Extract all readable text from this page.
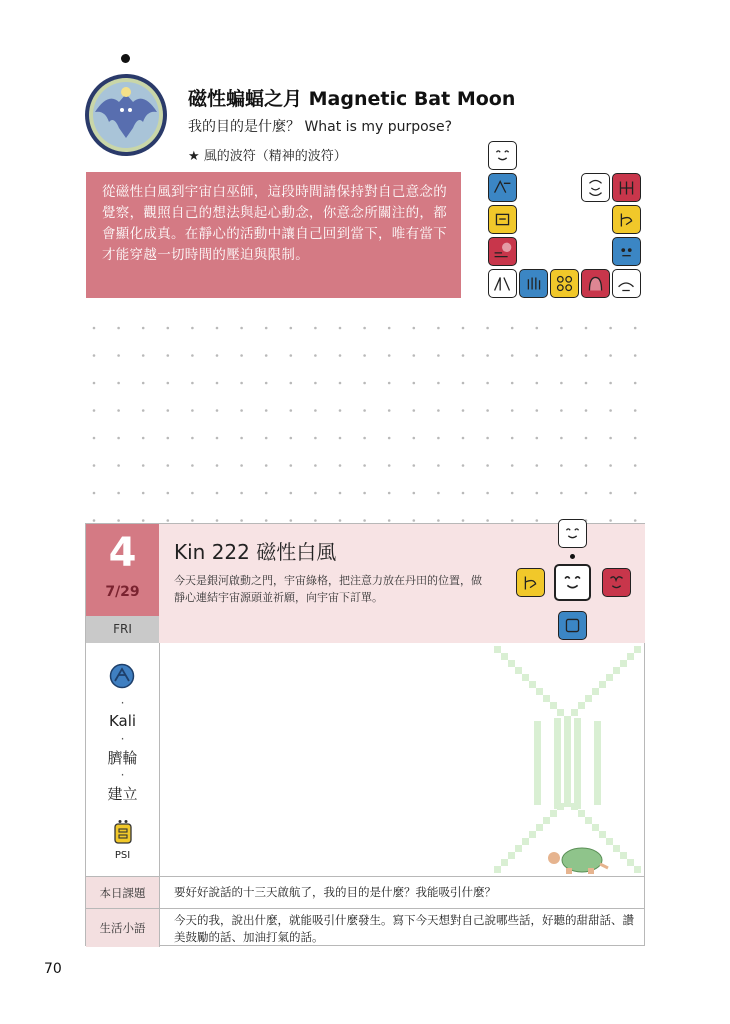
磁性蝙蝠之月 Magnetic Bat Moon
我的目的是什麼？ What is my purpose?
★ 風的波符（精神的波符）
從磁性白風到宇宙白巫師，這段時間請保持對自己意念的覺察，觀照自己的想法與起心動念，你意念所關注的，都會顯化成真。在靜心的活動中讓自己回到當下，唯有當下才能穿越一切時間的壓迫與限制。
4
7/29
FRI
Kin 222 磁性白風
今天是銀河啟動之門，宇宙綠格，把注意力放在丹田的位置，做靜心連結宇宙源頭並祈願，向宇宙下訂單。
·
Kali
·
臍輪
·
建立
PSI
本日課題	要好好說話的十三天啟航了，我的目的是什麼？我能吸引什麼？
生活小語
今天的我，說出什麼，就能吸引什麼發生。寫下今天想對自己說哪些話，好聽的甜甜話、讚美鼓勵的話、加油打氣的話。
70
